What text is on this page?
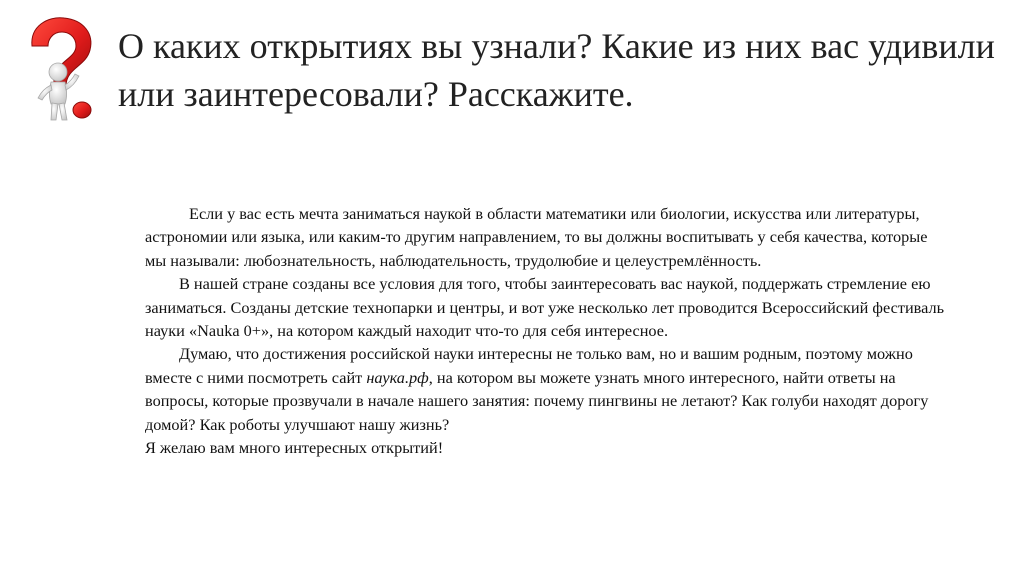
О каких открытиях вы узнали? Какие из них вас удивили или заинтересовали? Расскажите.

Если у вас есть мечта заниматься наукой в области математики или биологии, искусства или литературы, астрономии или языка, или каким-то другим направлением, то вы должны воспитывать у себя качества, которые мы называли: любознательность, наблюдательность, трудолюбие и целеустремлённость.

В нашей стране созданы все условия для того, чтобы заинтересовать вас наукой, поддержать стремление ею заниматься. Созданы детские технопарки и центры, и вот уже несколько лет проводится Всероссийский фестиваль науки «Nauka 0+», на котором каждый находит что-то для себя интересное.

Думаю, что достижения российской науки интересны не только вам, но и вашим родным, поэтому можно вместе с ними посмотреть сайт наука.рф, на котором вы можете узнать много интересного, найти ответы на вопросы, которые прозвучали в начале нашего занятия: почему пингвины не летают? Как голуби находят дорогу домой? Как роботы улучшают нашу жизнь?

Я желаю вам много интересных открытий!
